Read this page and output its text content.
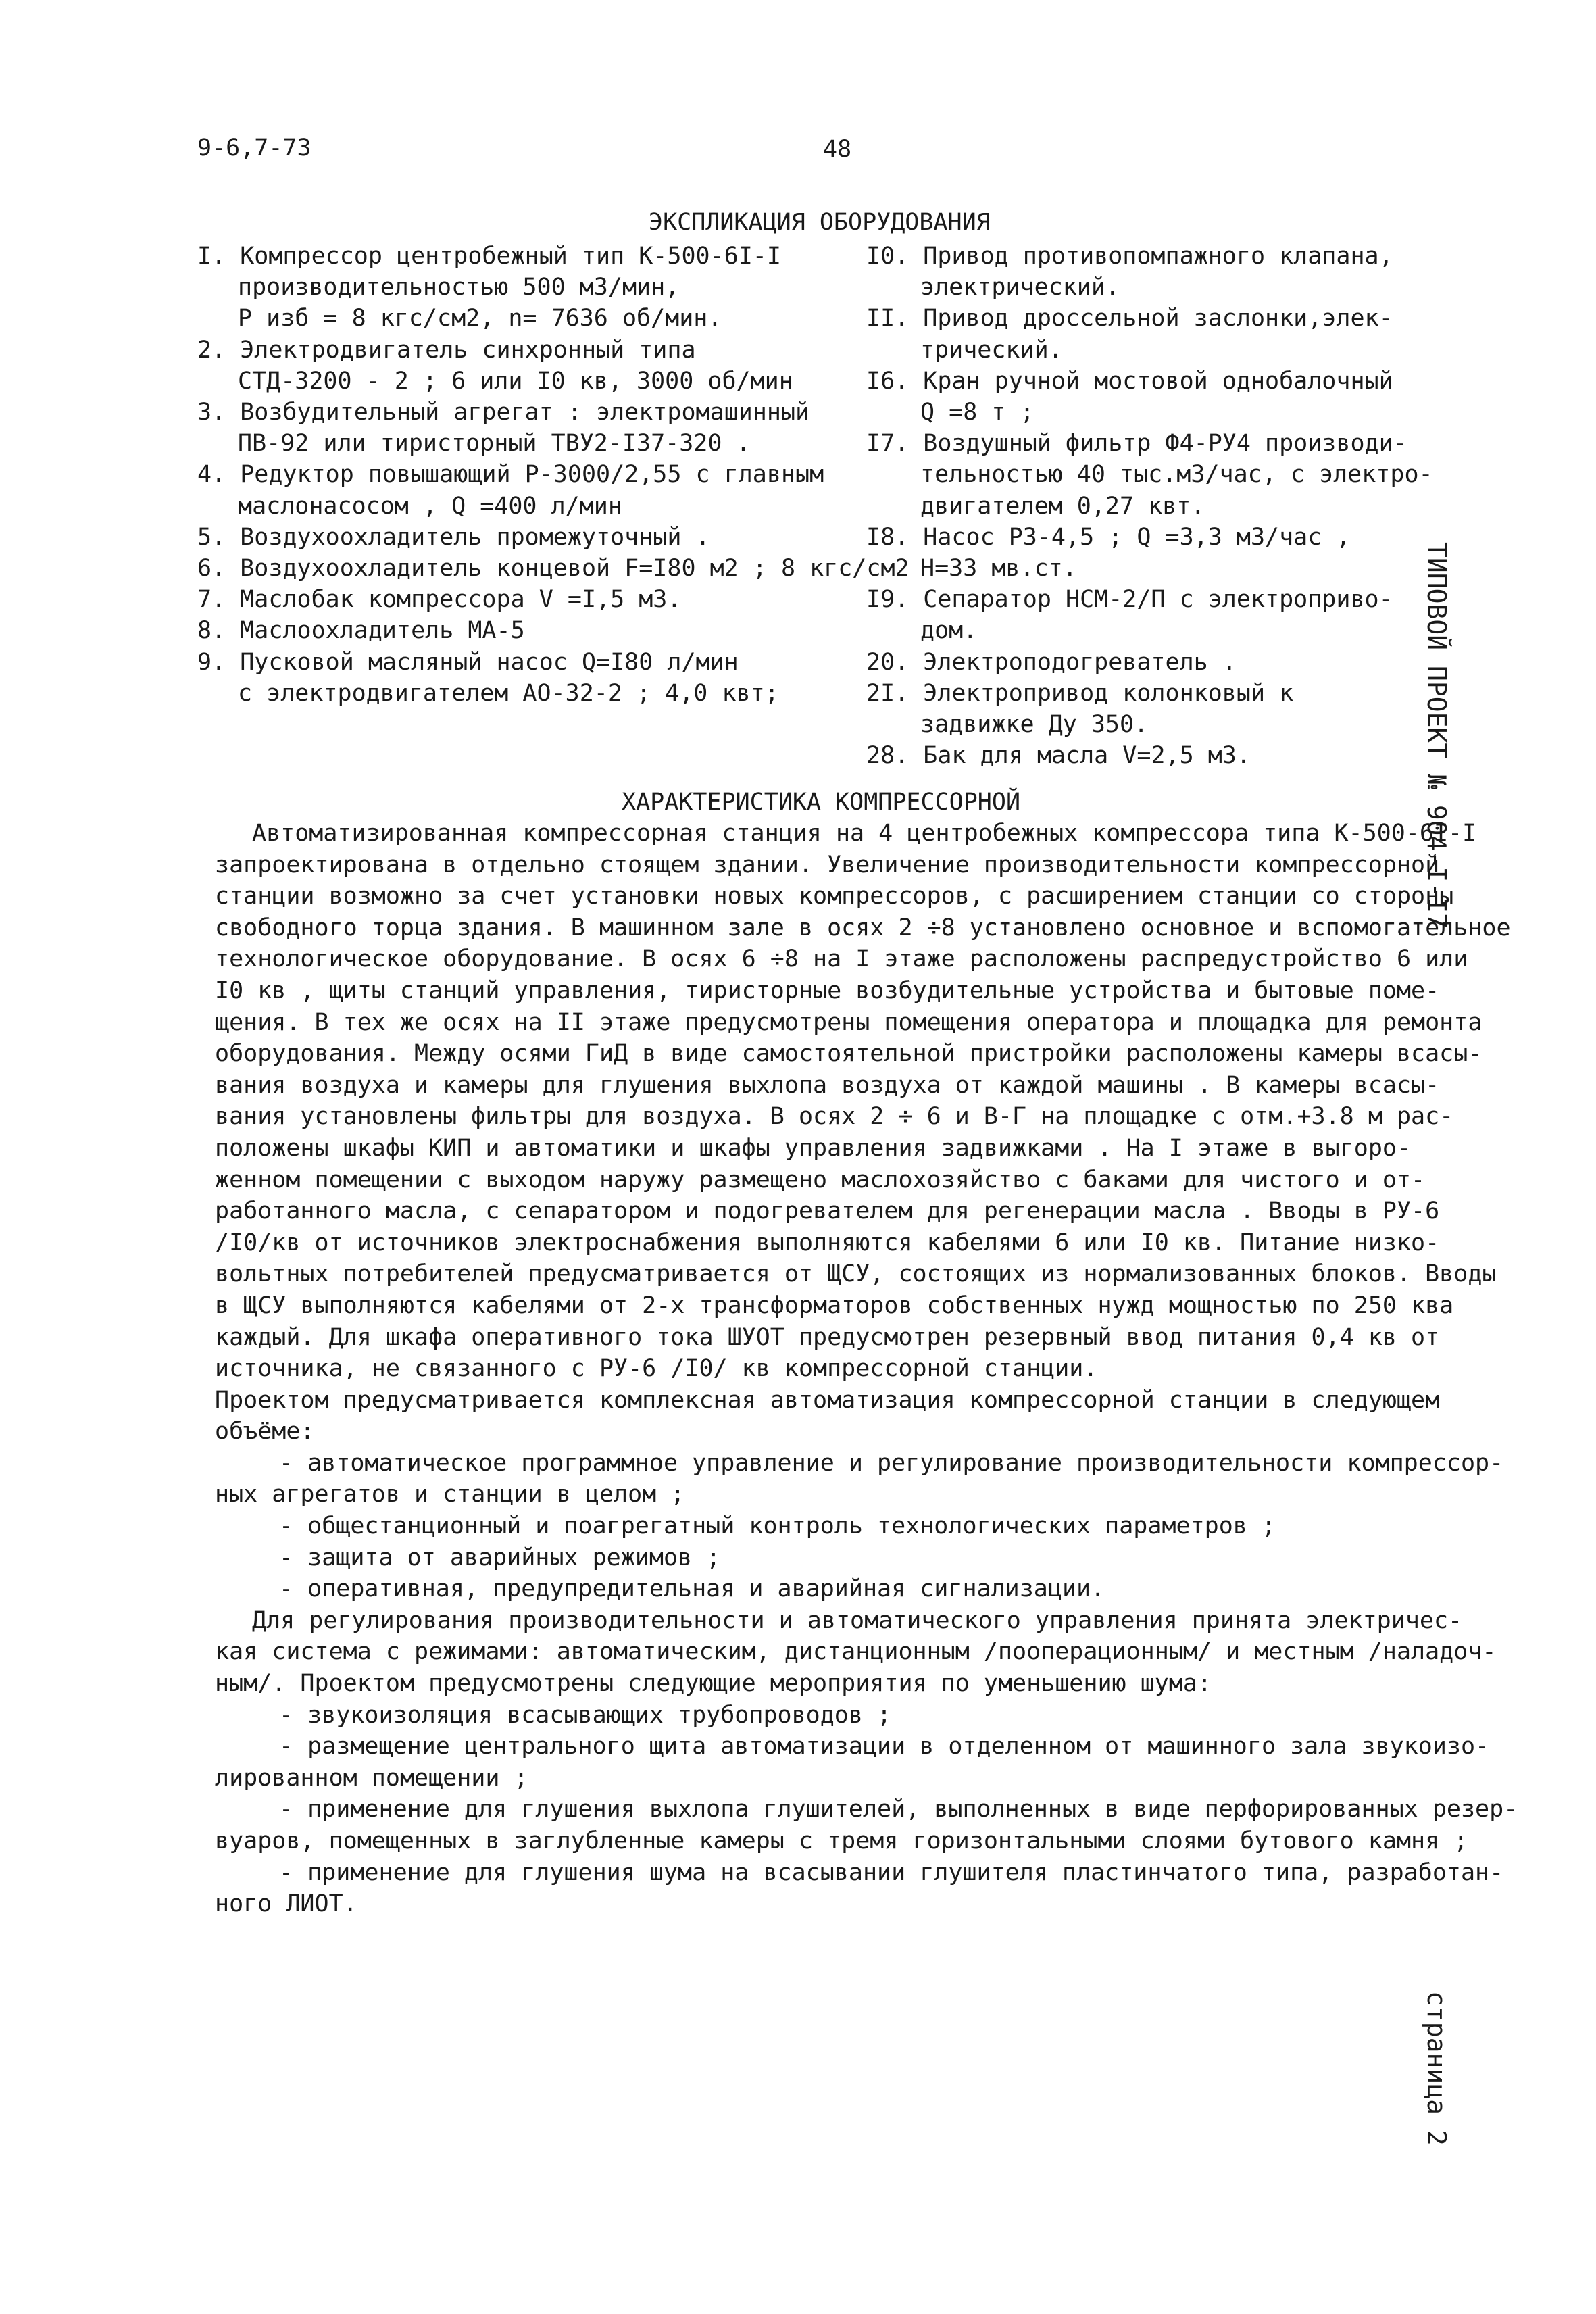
9-6,7-73	48
ЭКСПЛИКАЦИЯ ОБОРУДОВАНИЯ
I. Компрессор центробежный тип К-500-6I-I
производительностью 500 м3/мин,
Р изб = 8 кгс/см2, n= 7636 об/мин.
2. Электродвигатель синхронный типа
СТД-3200 - 2 ; 6 или I0 кв, 3000 об/мин
3. Возбудительный агрегат : электромашинный
ПВ-92 или тиристорный ТВУ2-I37-320 .
4. Редуктор повышающий Р-3000/2,55 с главным
маслонасосом , Q =400 л/мин
5. Воздухоохладитель промежуточный .
6. Воздухоохладитель концевой F=I80 м2 ; 8 кгс/см2
7. Маслобак компрессора V =I,5 м3.
8. Маслоохладитель МА-5
9. Пусковой масляный насос Q=I80 л/мин
с электродвигателем АО-32-2 ; 4,0 квт;
I0. Привод противопомпажного клапана,
электрический.
II. Привод дроссельной заслонки,элек-
трический.
I6. Кран ручной мостовой однобалочный
Q =8 т ;
I7. Воздушный фильтр Ф4-РУ4 производи-
тельностью 40 тыс.м3/час, с электро-
двигателем 0,27 квт.
I8. Насос РЗ-4,5 ; Q =3,3 м3/час ,
Н=33 мв.ст.
I9. Сепаратор НСМ-2/П с электроприво-
дом.
20. Электроподогреватель .
2I. Электропривод колонковый к
задвижке Ду 350.
28. Бак для масла V=2,5 м3.
ХАРАКТЕРИСТИКА КОМПРЕССОРНОЙ
Автоматизированная компрессорная станция на 4 центробежных компрессора типа К-500-6I-I
запроектирована в отдельно стоящем здании. Увеличение производительности компрессорной
станции возможно за счет установки новых компрессоров, с расширением станции со стороны
свободного торца здания. В машинном зале в осях 2 ÷8 установлено основное и вспомогательное
технологическое оборудование. В осях 6 ÷8 на I этаже расположены распредустройство 6 или
I0 кв , щиты станций управления, тиристорные возбудительные устройства и бытовые поме-
щения. В тех же осях на II этаже предусмотрены помещения оператора и площадка для ремонта
оборудования. Между осями ГиД в виде самостоятельной пристройки расположены камеры всасы-
вания воздуха и камеры для глушения выхлопа воздуха от каждой машины . В камеры всасы-
вания установлены фильтры для воздуха. В осях 2 ÷ 6 и В-Г на площадке с отм.+3.8 м рас-
положены шкафы КИП и автоматики и шкафы управления задвижками . На I этаже в выгоро-
женном помещении с выходом наружу размещено маслохозяйство с баками для чистого и от-
работанного масла, с сепаратором и подогревателем для регенерации масла . Вводы в РУ-6
/I0/кв от источников электроснабжения выполняются кабелями 6 или I0 кв. Питание низко-
вольтных потребителей предусматривается от ЩСУ, состоящих из нормализованных блоков. Вводы
в ЩСУ выполняются кабелями от 2-х трансформаторов собственных нужд мощностью по 250 ква
каждый. Для шкафа оперативного тока ШУОТ предусмотрен резервный ввод питания 0,4 кв от
источника, не связанного с РУ-6 /I0/ кв компрессорной станции.
Проектом предусматривается комплексная автоматизация компрессорной станции в следующем
объёме:
- автоматическое программное управление и регулирование производительности компрессор-
ных агрегатов и станции в целом ;
- общестанционный и поагрегатный контроль технологических параметров ;
- защита от аварийных режимов ;
- оперативная, предупредительная и аварийная сигнализации.
Для регулирования производительности и автоматического управления принята электричес-
кая система с режимами: автоматическим, дистанционным /пооперационным/ и местным /наладоч-
ным/. Проектом предусмотрены следующие мероприятия по уменьшению шума:
- звукоизоляция всасывающих трубопроводов ;
- размещение центрального щита автоматизации в отделенном от машинного зала звукоизо-
лированном помещении ;
- применение для глушения выхлопа глушителей, выполненных в виде перфорированных резер-
вуаров, помещенных в заглубленные камеры с тремя горизонтальными слоями бутового камня ;
- применение для глушения шума на всасывании глушителя пластинчатого типа, разработан-
ного ЛИОТ.
ТИПОВОЙ ПРОЕКТ № 904-I-I7
страница 2
